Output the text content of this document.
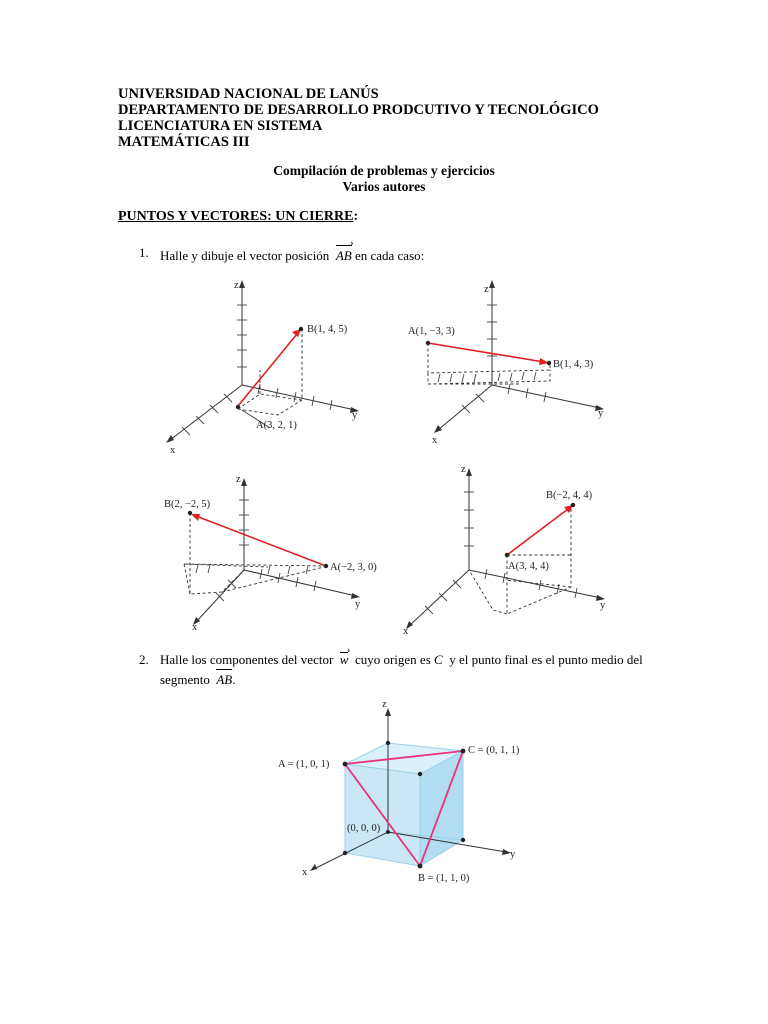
UNIVERSIDAD NACIONAL DE LANÚS
DEPARTAMENTO DE DESARROLLO PRODCUTIVO Y TECNOLÓGICO
LICENCIATURA EN SISTEMA
MATEMÁTICAS III
Compilación de problemas y ejercicios
Varios autores
PUNTOS Y VECTORES: UN CIERRE:
1. Halle y dibuje el vector posición AB › en cada caso:
z
y
x
B(1, 4, 5)
A(3, 2, 1)
z
y
x
A(1, −3, 3)
B(1, 4, 3)
z
y
x
B(2, −2, 5)
A(−2, 3, 0)
z
y
x
B(−2, 4, 4)
A(3, 4, 4)
2. Halle los componentes del vector w › cuyo origen es C y el punto final es el punto medio del
segmento AB.
z
y
x
A = (1, 0, 1)
C = (0, 1, 1)
B = (1, 1, 0)
(0, 0, 0)
